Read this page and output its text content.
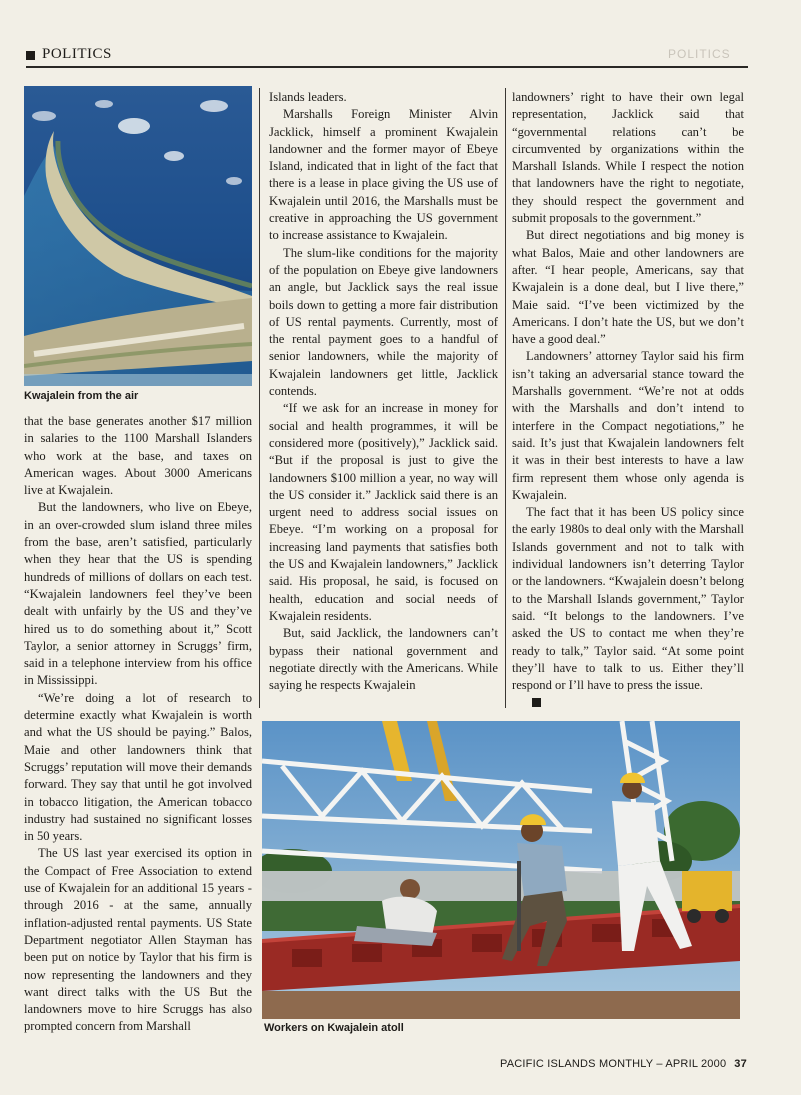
POLITICS
POLITICS
Kwajalein from the air

that the base generates another $17 million in salaries to the 1100 Marshall Islanders who work at the base, and taxes on American wages. About 3000 Americans live at Kwajalein.

But the landowners, who live on Ebeye, in an over-crowded slum island three miles from the base, aren’t satisfied, particularly when they hear that the US is spending hundreds of millions of dollars on each test. “Kwajalein landowners feel they’ve been dealt with unfairly by the US and they’ve hired us to do something about it,” Scott Taylor, a senior attorney in Scruggs’ firm, said in a telephone interview from his office in Mississippi.

“We’re doing a lot of research to determine exactly what Kwajalein is worth and what the US should be paying.” Balos, Maie and other landowners think that Scruggs’ reputation will move their demands forward. They say that until he got involved in tobacco litigation, the American tobacco industry had sustained no significant losses in 50 years.

The US last year exercised its option in the Compact of Free Association to extend use of Kwajalein for an additional 15 years - through 2016 - at the same, annually inflation-adjusted rental payments. US State Department negotiator Allen Stayman has been put on notice by Taylor that his firm is now representing the landowners and they want direct talks with the US But the landowners move to hire Scruggs has also prompted concern from Marshall

Islands leaders.

Marshalls Foreign Minister Alvin Jacklick, himself a prominent Kwajalein landowner and the former mayor of Ebeye Island, indicated that in light of the fact that there is a lease in place giving the US use of Kwajalein until 2016, the Marshalls must be creative in approaching the US government to increase assistance to Kwajalein.

The slum-like conditions for the majority of the population on Ebeye give landowners an angle, but Jacklick says the real issue boils down to getting a more fair distribution of US rental payments. Currently, most of the rental payment goes to a handful of senior landowners, while the majority of Kwajalein landowners get little, Jacklick contends.

“If we ask for an increase in money for social and health programmes, it will be considered more (positively),” Jacklick said. “But if the proposal is just to give the landowners $100 million a year, no way will the US consider it.” Jacklick said there is an urgent need to address social issues on Ebeye. “I’m working on a proposal for increasing land payments that satisfies both the US and Kwajalein landowners,” Jacklick said. His proposal, he said, is focused on health, education and social needs of Kwajalein residents.

But, said Jacklick, the landowners can’t bypass their national government and negotiate directly with the Americans. While saying he respects Kwajalein

landowners’ right to have their own legal representation, Jacklick said that “governmental relations can’t be circumvented by organizations within the Marshall Islands. While I respect the notion that landowners have the right to negotiate, they should respect the government and submit proposals to the government.”

But direct negotiations and big money is what Balos, Maie and other landowners are after. “I hear people, Americans, say that Kwajalein is a done deal, but I live there,” Maie said. “I’ve been victimized by the Americans. I don’t hate the US, but we don’t have a good deal.”

Landowners’ attorney Taylor said his firm isn’t taking an adversarial stance toward the Marshalls government. “We’re not at odds with the Marshalls and don’t intend to interfere in the Compact negotiations,” he said. It’s just that Kwajalein landowners felt it was in their best interests to have a law firm represent them whose only agenda is Kwajalein.

The fact that it has been US policy since the early 1980s to deal only with the Marshall Islands government and not to talk with individual landowners isn’t deterring Taylor or the landowners. “Kwajalein doesn’t belong to the Marshall Islands government,” Taylor said. “It belongs to the landowners. I’ve asked the US to contact me when they’re ready to talk,” Taylor said. “At some point they’ll have to talk to us. Either they’ll respond or I’ll have to press the issue.

Workers on Kwajalein atoll
PACIFIC ISLANDS MONTHLY – APRIL 2000 37
